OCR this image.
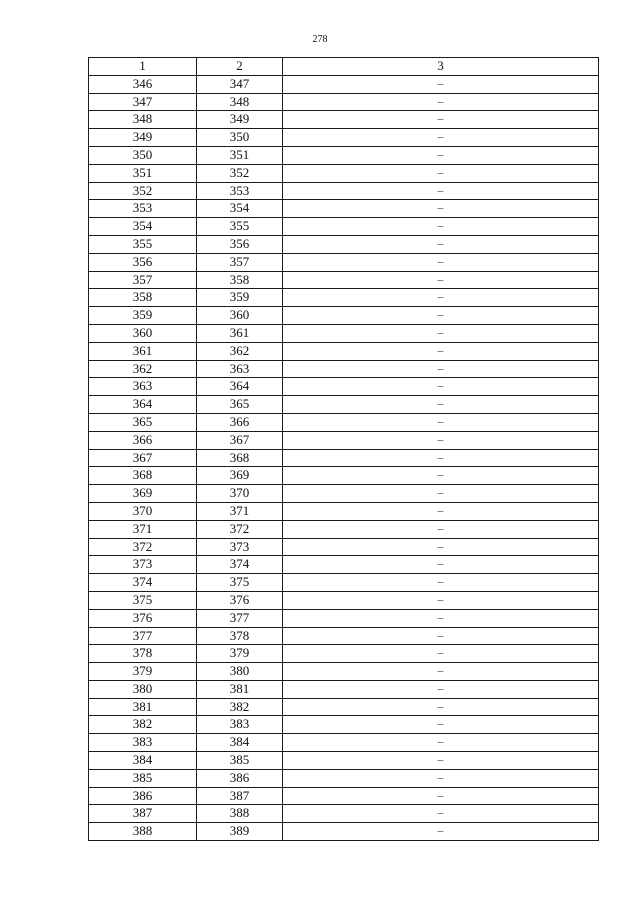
278
1	2	3
346	347	–
347	348	–
348	349	–
349	350	–
350	351	–
351	352	–
352	353	–
353	354	–
354	355	–
355	356	–
356	357	–
357	358	–
358	359	–
359	360	–
360	361	–
361	362	–
362	363	–
363	364	–
364	365	–
365	366	–
366	367	–
367	368	–
368	369	–
369	370	–
370	371	–
371	372	–
372	373	–
373	374	–
374	375	–
375	376	–
376	377	–
377	378	–
378	379	–
379	380	–
380	381	–
381	382	–
382	383	–
383	384	–
384	385	–
385	386	–
386	387	–
387	388	–
388	389	–
